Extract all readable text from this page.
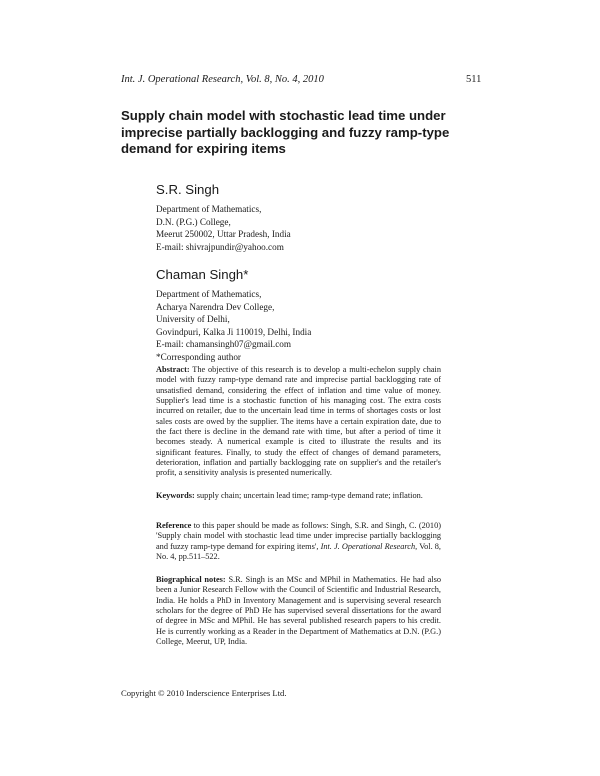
Int. J. Operational Research, Vol. 8, No. 4, 2010	511
Supply chain model with stochastic lead time under
imprecise partially backlogging and fuzzy ramp-type
demand for expiring items
S.R. Singh
Department of Mathematics,
D.N. (P.G.) College,
Meerut 250002, Uttar Pradesh, India
E-mail: shivrajpundir@yahoo.com
Chaman Singh*
Department of Mathematics,
Acharya Narendra Dev College,
University of Delhi,
Govindpuri, Kalka Ji 110019, Delhi, India
E-mail: chamansingh07@gmail.com
*Corresponding author
Abstract: The objective of this research is to develop a multi-echelon supply chain model with fuzzy ramp-type demand rate and imprecise partial backlogging rate of unsatisfied demand, considering the effect of inflation and time value of money. Supplier's lead time is a stochastic function of his managing cost. The extra costs incurred on retailer, due to the uncertain lead time in terms of shortages costs or lost sales costs are owed by the supplier. The items have a certain expiration date, due to the fact there is decline in the demand rate with time, but after a period of time it becomes steady. A numerical example is cited to illustrate the results and its significant features. Finally, to study the effect of changes of demand parameters, deterioration, inflation and partially backlogging rate on supplier's and the retailer's profit, a sensitivity analysis is presented numerically.
Keywords: supply chain; uncertain lead time; ramp-type demand rate; inflation.
Reference to this paper should be made as follows: Singh, S.R. and Singh, C. (2010) 'Supply chain model with stochastic lead time under imprecise partially backlogging and fuzzy ramp-type demand for expiring items', Int. J. Operational Research, Vol. 8, No. 4, pp.511–522.
Biographical notes: S.R. Singh is an MSc and MPhil in Mathematics. He had also been a Junior Research Fellow with the Council of Scientific and Industrial Research, India. He holds a PhD in Inventory Management and is supervising several research scholars for the degree of PhD He has supervised several dissertations for the award of degree in MSc and MPhil. He has several published research papers to his credit. He is currently working as a Reader in the Department of Mathematics at D.N. (P.G.) College, Meerut, UP, India.
Copyright © 2010 Inderscience Enterprises Ltd.
